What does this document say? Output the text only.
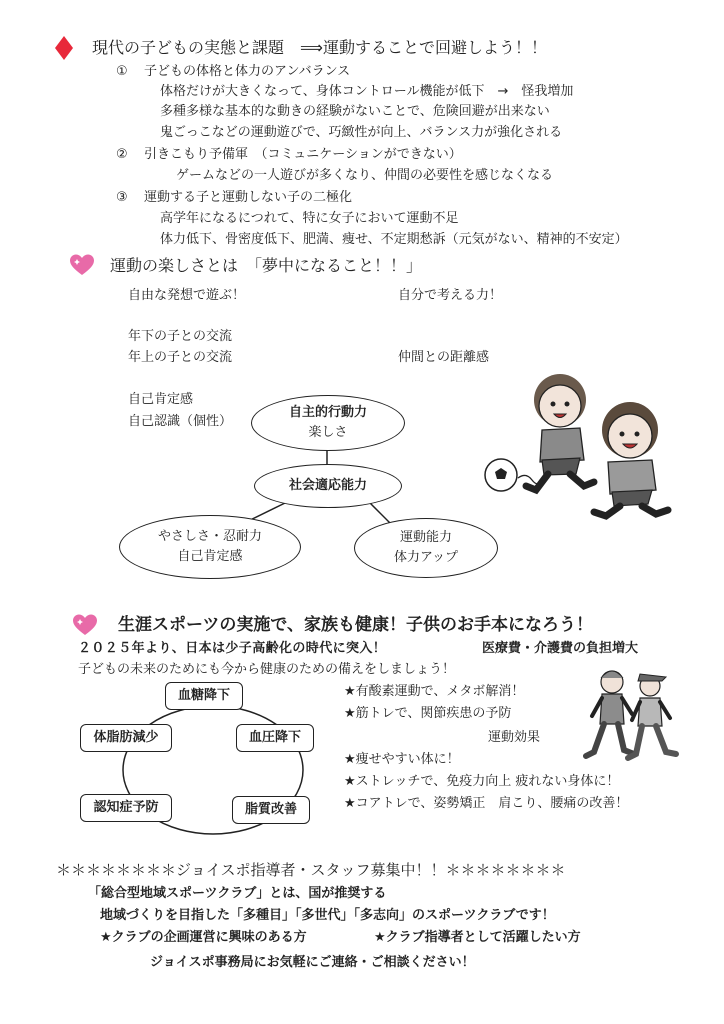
現代の子どもの実態と課題　⟹運動することで回避しよう！！
① 子どもの体格と体力のアンバランス
体格だけが大きくなって、身体コントロール機能が低下　→　怪我増加
多種多様な基本的な動きの経験がないことで、危険回避が出来ない
鬼ごっこなどの運動遊びで、巧緻性が向上、バランス力が強化される
② 引きこもり予備軍　（コミュニケーションができない）
ゲームなどの一人遊びが多くなり、仲間の必要性を感じなくなる
③ 運動する子と運動しない子の二極化
高学年になるにつれて、特に女子において運動不足
体力低下、骨密度低下、肥満、痩せ、不定期愁訴（元気がない、精神的不安定）
運動の楽しさとは　「夢中になること！！」
自由な発想で遊ぶ！	自分で考える力！
年下の子との交流
年上の子との交流	仲間との距離感
自己肯定感
自己認識（個性）
自主的行動力
楽しさ
社会適応能力
やさしさ・忍耐力
自己肯定感
運動能力
体力アップ
生涯スポーツの実施で、家族も健康！子供のお手本になろう！
２０２５年より、日本は少子高齢化の時代に突入！	医療費・介護費の負担増大
子どもの未来のためにも今から健康のための備えをしましょう！
血糖降下
血圧降下
脂質改善
認知症予防
体脂肪減少
★有酸素運動で、メタボ解消！
★筋トレで、関節疾患の予防
運動効果
★痩せやすい体に！
★ストレッチで、免疫力向上 疲れない身体に！
★コアトレで、姿勢矯正　肩こり、腰痛の改善！
＊＊＊＊＊＊＊＊ジョイスポ指導者・スタッフ募集中！！＊＊＊＊＊＊＊＊
「総合型地域スポーツクラブ」とは、国が推奨する
地域づくりを目指した「多種目」「多世代」「多志向」のスポーツクラブです！
★クラブの企画運営に興味のある方	★クラブ指導者として活躍したい方
ジョイスポ事務局にお気軽にご連絡・ご相談ください！
